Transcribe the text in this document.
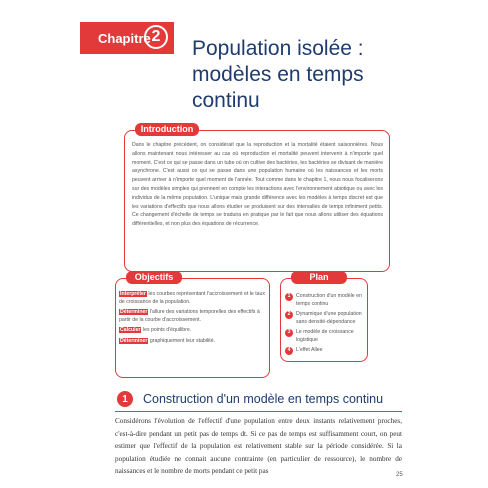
Chapitre 2
Population isolée :
modèles en temps
continu
Introduction
Dans le chapitre précédent, on considérait que la reproduction et la mortalité étaient saisonnières. Nous allons maintenant nous intéresser au cas où reproduction et mortalité peuvent intervenir à n'importe quel moment. C'est ce qui se passe dans un tube où on cultive des bactéries, les bactéries se divisant de manière asynchrone. C'est aussi ce qui se passe dans une population humaine où les naissances et les morts peuvent arriver à n'importe quel moment de l'année. Tout comme dans le chapitre 1, nous nous focaliserons sur des modèles simples qui prennent en compte les interactions avec l'environnement abiotique ou avec les individus de la même population. L'unique mais grande différence avec les modèles à temps discret est que les variations d'effectifs que nous allons étudier se produisent sur des intervalles de temps infiniment petits. Ce changement d'échelle de temps se traduira en pratique par le fait que nous allons utiliser des équations différentielles, et non plus des équations de récurrence.
Objectifs
Interpréter les courbes représentant l'accroissement et le taux de croissance de la population.
Déterminer l'allure des variations temporelles des effectifs à partir de la courbe d'accroissement.
Calculer les points d'équilibre.
Déterminer graphiquement leur stabilité.
Plan
1	Construction d'un modèle en temps continu
2	Dynamique d'une population sans densité-dépendance
3	Le modèle de croissance logistique
4	L'effet Allee
1	Construction d'un modèle en temps continu
Considérons l'évolution de l'effectif d'une population entre deux instants relativement proches, c'est-à-dire pendant un petit pas de temps dt. Si ce pas de temps est suffisamment court, on peut estimer que l'effectif de la population est relativement stable sur la période considérée. Si la population étudiée ne connait aucune contrainte (en particulier de ressource), le nombre de naissances et le nombre de morts pendant ce petit pas	25
